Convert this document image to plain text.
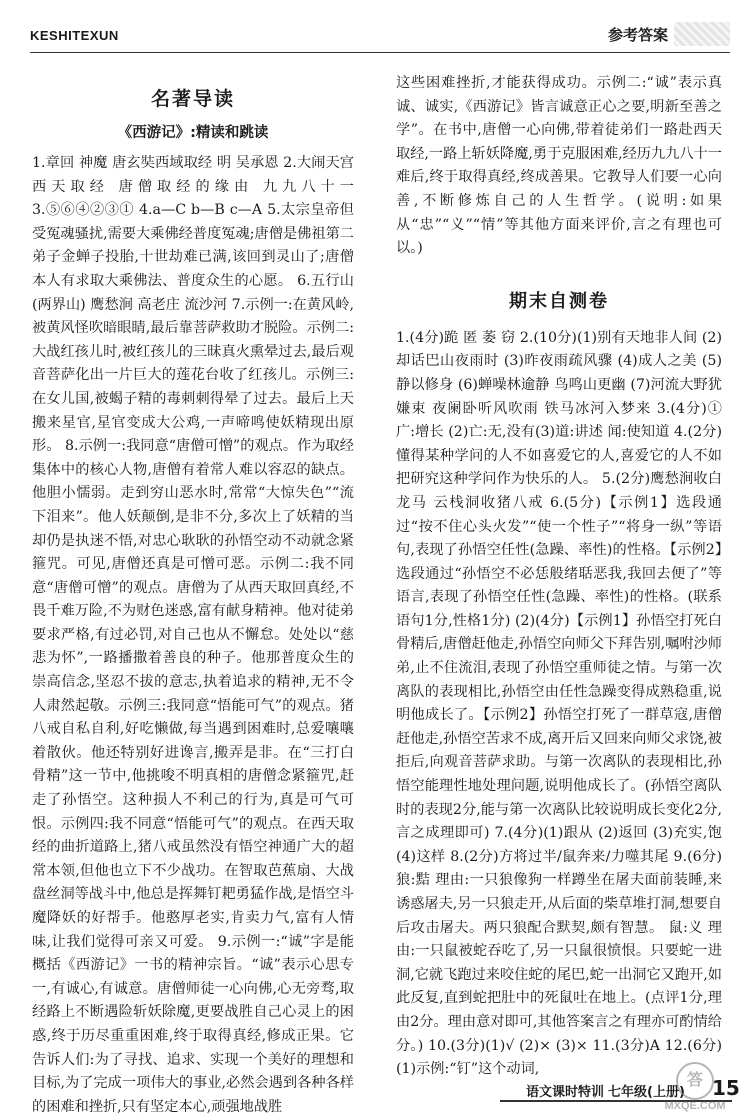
KESHITEXUN	参考答案
名著导读
《西游记》:精读和跳读

1.章回 神魔 唐玄奘西域取经 明 吴承恩 2.大闹天宫 西天取经 唐僧取经的缘由 九九八十一 3.⑤⑥④②③① 4.a—C b—B c—A 5.太宗皇帝但受冤魂骚扰,需要大乘佛经普度冤魂;唐僧是佛祖第二弟子金蝉子投胎,十世劫难已满,该回到灵山了;唐僧本人有求取大乘佛法、普度众生的心愿。 6.五行山(两界山) 鹰愁涧 高老庄 流沙河 7.示例一:在黄风岭,被黄风怪吹暗眼睛,最后靠菩萨救助才脱险。示例二:大战红孩儿时,被红孩儿的三昧真火熏晕过去,最后观音菩萨化出一片巨大的莲花台收了红孩儿。示例三:在女儿国,被蝎子精的毒刺刺得晕了过去。最后上天搬来星官,星官变成大公鸡,一声啼鸣使妖精现出原形。 8.示例一:我同意“唐僧可憎”的观点。作为取经集体中的核心人物,唐僧有着常人难以容忍的缺点。他胆小懦弱。走到穷山恶水时,常常“大惊失色”“流下泪来”。他人妖颠倒,是非不分,多次上了妖精的当却仍是执迷不悟,对忠心耿耿的孙悟空动不动就念紧箍咒。可见,唐僧还真是可憎可恶。示例二:我不同意“唐僧可憎”的观点。唐僧为了从西天取回真经,不畏千难万险,不为财色迷惑,富有献身精神。他对徒弟要求严格,有过必罚,对自己也从不懈怠。处处以“慈悲为怀”,一路播撒着善良的种子。他那普度众生的崇高信念,坚忍不拔的意志,执着追求的精神,无不令人肃然起敬。示例三:我同意“悟能可气”的观点。猪八戒自私自利,好吃懒做,每当遇到困难时,总爱嚷嚷着散伙。他还特别好进谗言,搬弄是非。在“三打白骨精”这一节中,他挑唆不明真相的唐僧念紧箍咒,赶走了孙悟空。这种损人不利己的行为,真是可气可恨。示例四:我不同意“悟能可气”的观点。在西天取经的曲折道路上,猪八戒虽然没有悟空神通广大的超常本领,但他也立下不少战功。在智取芭蕉扇、大战盘丝洞等战斗中,他总是挥舞钉耙勇猛作战,是悟空斗魔降妖的好帮手。他憨厚老实,肯卖力气,富有人情味,让我们觉得可亲又可爱。 9.示例一:“诚”字是能概括《西游记》一书的精神宗旨。“诚”表示心思专一,有诚心,有诚意。唐僧师徒一心向佛,心无旁骛,取经路上不断遇险斩妖除魔,更要战胜自己心灵上的困惑,终于历尽重重困难,终于取得真经,修成正果。它告诉人们:为了寻找、追求、实现一个美好的理想和目标,为了完成一项伟大的事业,必然会遇到各种各样的困难和挫折,只有坚定本心,顽强地战胜

这些困难挫折,才能获得成功。示例二:“诚”表示真诚、诚实,《西游记》皆言诚意正心之要,明新至善之学”。在书中,唐僧一心向佛,带着徒弟们一路赴西天取经,一路上斩妖降魔,勇于克服困难,经历九九八十一难后,终于取得真经,终成善果。它教导人们要一心向善,不断修炼自己的人生哲学。(说明:如果从“忠”“义”“情”等其他方面来评价,言之有理也可以。)

期末自测卷

1.(4分)跪 匿 萎 窃 2.(10分)(1)别有天地非人间 (2)却话巴山夜雨时 (3)昨夜雨疏风骤 (4)成人之美 (5)静以修身 (6)蝉噪林逾静 鸟鸣山更幽 (7)河流大野犹嫌束 夜阑卧听风吹雨 铁马冰河入梦来 3.(4分)① 广:增长 (2)亡:无,没有(3)道:讲述 闻:使知道 4.(2分)懂得某种学问的人不如喜爱它的人,喜爱它的人不如把研究这种学问作为快乐的人。 5.(2分)鹰愁涧收白龙马 云栈洞收猪八戒 6.(5分)【示例1】选段通过“按不住心头火发”“使一个性子”“将身一纵”等语句,表现了孙悟空任性(急躁、率性)的性格。【示例2】选段通过“孙悟空不必恁般绪聒恶我,我回去便了”等语言,表现了孙悟空任性(急躁、率性)的性格。(联系语句1分,性格1分) (2)(4分)【示例1】孙悟空打死白骨精后,唐僧赶他走,孙悟空向师父下拜告别,嘱咐沙师弟,止不住流泪,表现了孙悟空重师徒之情。与第一次离队的表现相比,孙悟空由任性急躁变得成熟稳重,说明他成长了。【示例2】孙悟空打死了一群草寇,唐僧赶他走,孙悟空苦求不成,离开后又回来向师父求饶,被拒后,向观音菩萨求助。与第一次离队的表现相比,孙悟空能理性地处理问题,说明他成长了。(孙悟空离队时的表现2分,能与第一次离队比较说明成长变化2分,言之成理即可) 7.(4分)(1)跟从 (2)返回 (3)充实,饱 (4)这样 8.(2分)方将过半/鼠奔来/力噬其尾 9.(6分)狼:黠 理由:一只狼像狗一样蹲坐在屠夫面前装睡,来诱惑屠夫,另一只狼走开,从后面的柴草堆打洞,想要自后攻击屠夫。两只狼配合默契,颇有智慧。 鼠:义 理由:一只鼠被蛇吞吃了,另一只鼠很愤恨。只要蛇一进洞,它就飞跑过来咬住蛇的尾巴,蛇一出洞它又跑开,如此反复,直到蛇把肚中的死鼠吐在地上。(点评1分,理由2分。理由意对即可,其他答案言之有理亦可酌情给分。) 10.(3分)(1)√ (2)× (3)× 11.(3分)A 12.(6分)(1)示例:“钉”这个动词,

语文课时特训 七年级(上册) 15
答
MXQE.COM
